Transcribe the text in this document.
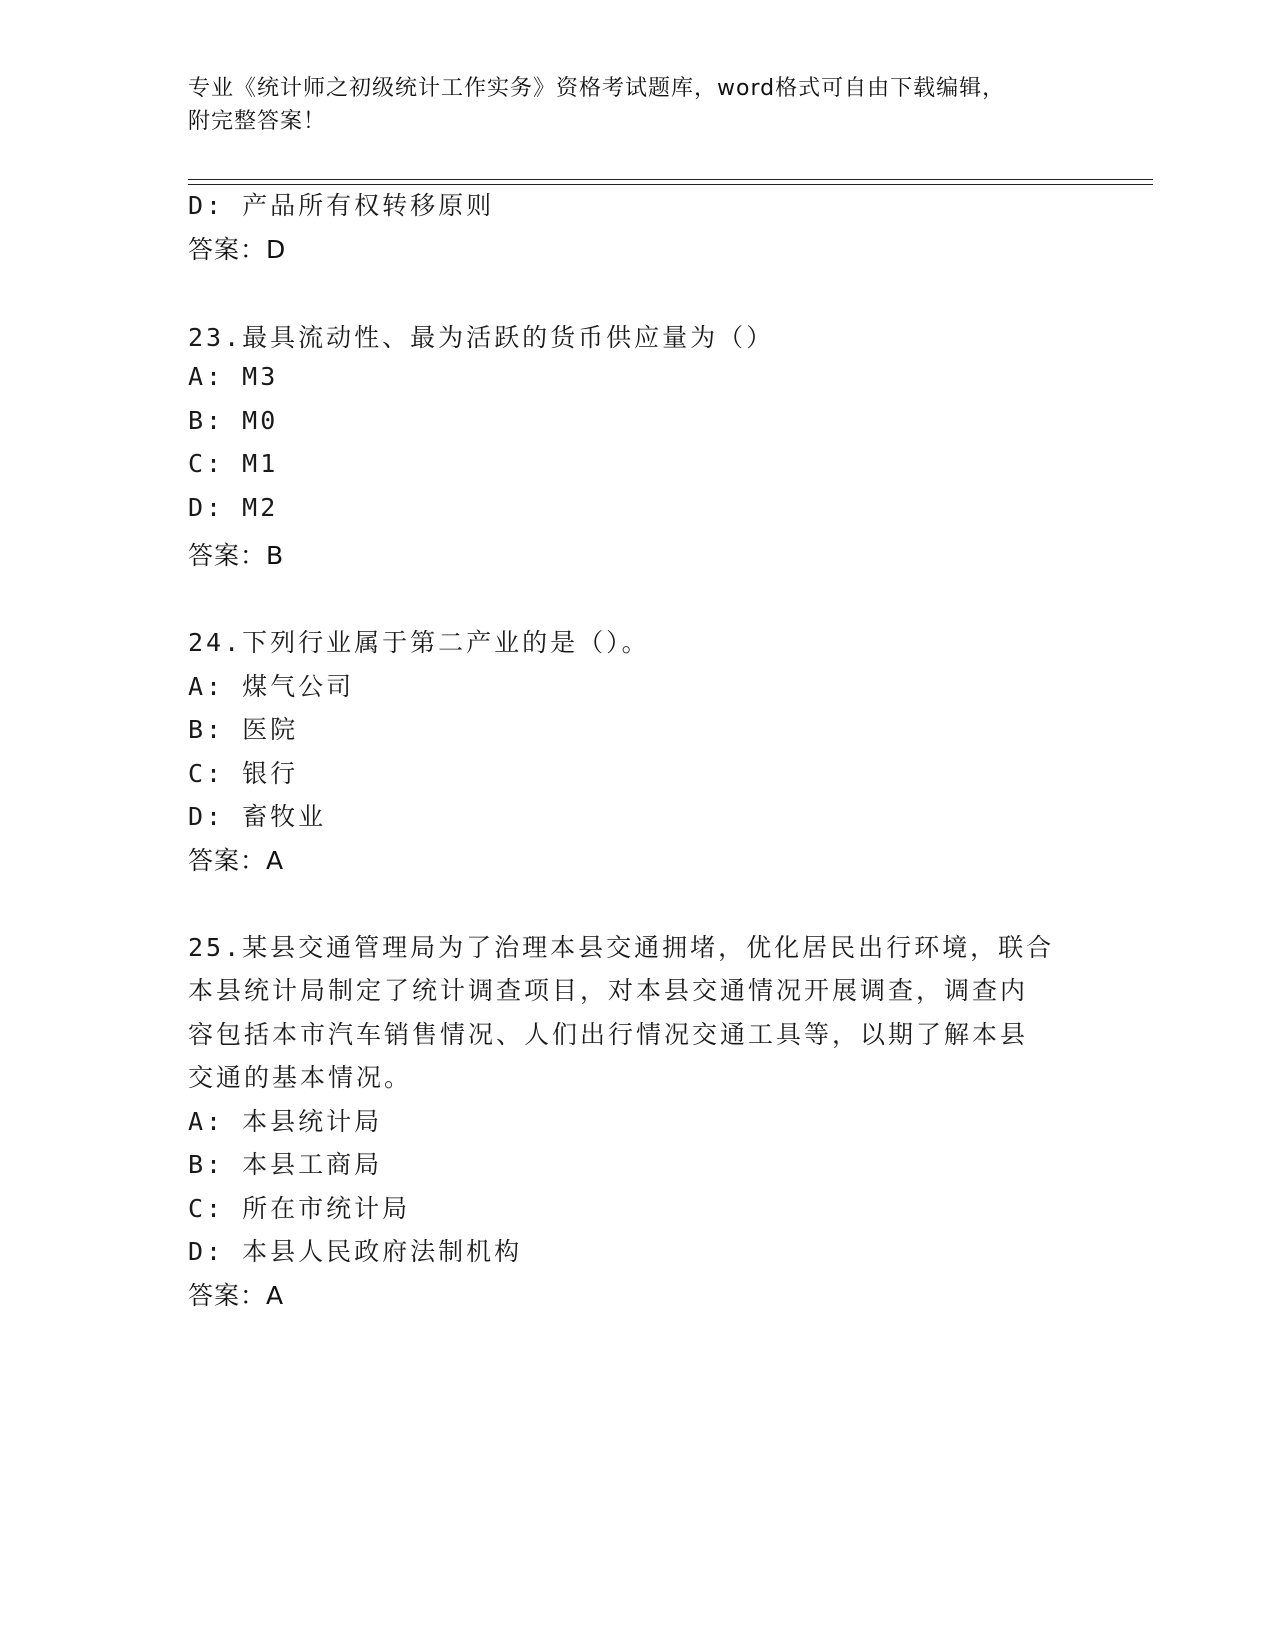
专业《统计师之初级统计工作实务》资格考试题库，word格式可自由下载编辑，
附完整答案！
D: 产品所有权转移原则
答案：D
23.最具流动性、最为活跃的货币供应量为（）
A: M3
B: M0
C: M1
D: M2
答案：B
24.下列行业属于第二产业的是（）。
A: 煤气公司
B: 医院
C: 银行
D: 畜牧业
答案：A
25.某县交通管理局为了治理本县交通拥堵，优化居民出行环境，联合
本县统计局制定了统计调查项目，对本县交通情况开展调查，调查内
容包括本市汽车销售情况、人们出行情况交通工具等，以期了解本县
交通的基本情况。
A: 本县统计局
B: 本县工商局
C: 所在市统计局
D: 本县人民政府法制机构
答案：A
